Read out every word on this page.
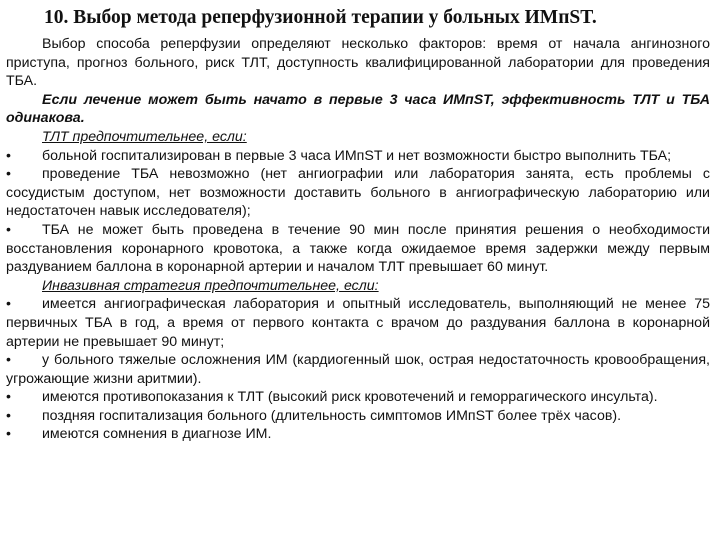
10. Выбор метода реперфузионной терапии у больных ИМпST.

Выбор способа реперфузии определяют несколько факторов: время от начала ангинозного приступа, прогноз больного, риск ТЛТ, доступность квалифицированной лаборатории для проведения ТБА.

Если лечение может быть начато в первые 3 часа ИМпST, эффективность ТЛТ и ТБА одинакова.

ТЛТ предпочтительнее, если:

• больной госпитализирован в первые 3 часа ИМпST и нет возможности быстро выполнить ТБА;

• проведение ТБА невозможно (нет ангиографии или лаборатория занята, есть проблемы с сосудистым доступом, нет возможности доставить больного в ангиографическую лабораторию или недостаточен навык исследователя);

• ТБА не может быть проведена в течение 90 мин после принятия решения о необходимости восстановления коронарного кровотока, а также когда ожидаемое время задержки между первым раздуванием баллона в коронарной артерии и началом ТЛТ превышает 60 минут.

Инвазивная стратегия предпочтительнее, если:

• имеется ангиографическая лаборатория и опытный исследователь, выполняющий не менее 75 первичных ТБА в год, а время от первого контакта с врачом до раздувания баллона в коронарной артерии не превышает 90 минут;

• у больного тяжелые осложнения ИМ (кардиогенный шок, острая недостаточность кровообращения, угрожающие жизни аритмии).

• имеются противопоказания к ТЛТ (высокий риск кровотечений и геморрагического инсульта).

• поздняя госпитализация больного (длительность симптомов ИМпST более трёх часов).

• имеются сомнения в диагнозе ИМ.
